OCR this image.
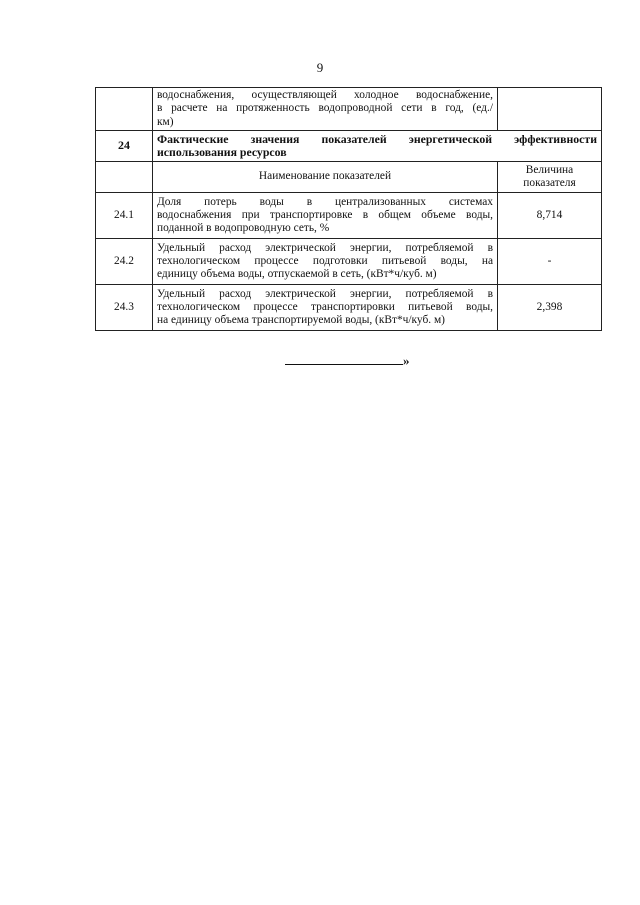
9

	водоснабжения, осуществляющей холодное водоснабжение,
в расчете на протяженность водопроводной сети в год, (ед./
км)	

24	Фактические значения показателей энергетической эффективности
использования ресурсов	

	Наименование показателей	Величина
показателя

24.1	Доля потерь воды в централизованных системах
водоснабжения при транспортировке в общем объеме воды,
поданной в водопроводную сеть, %	8,714
24.2	Удельный расход электрической энергии, потребляемой в
технологическом процессе подготовки питьевой воды, на
единицу объема воды, отпускаемой в сеть, (кВт*ч/куб. м)	-
24.3	Удельный расход электрической энергии, потребляемой в
технологическом процессе транспортировки питьевой воды,
на единицу объема транспортируемой воды, (кВт*ч/куб. м)	2,398
»
